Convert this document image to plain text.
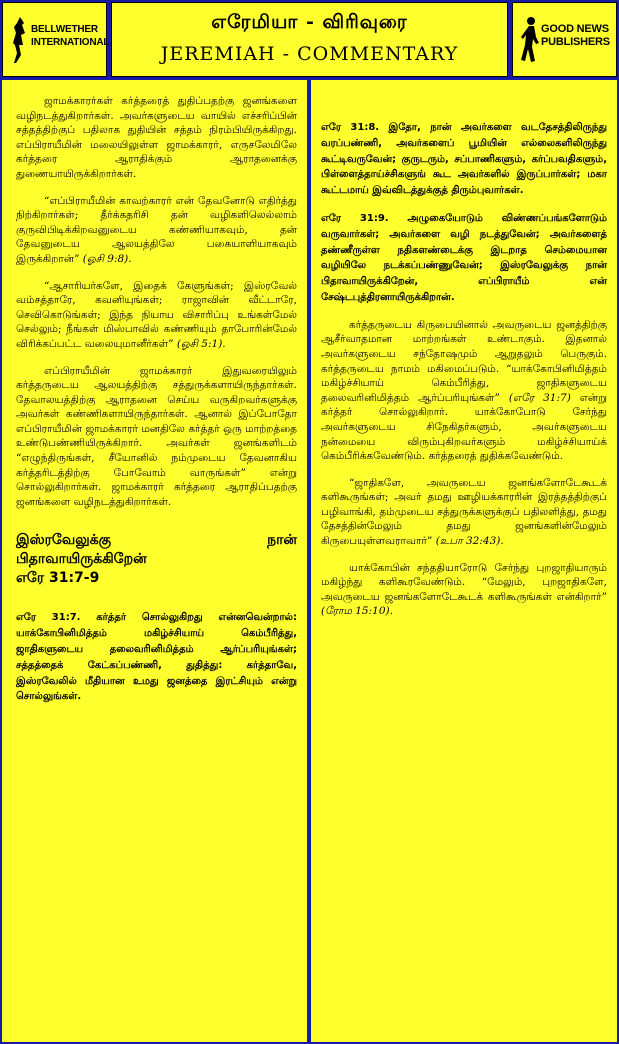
BELLWETHER
INTERNATIONAL
எரேமியா - விரிவுரை
JEREMIAH - COMMENTARY
GOOD NEWS
PUBLISHERS

ஜாமக்காரர்கள் கர்த்தரைத் துதிப்பதற்கு ஜனங்களை வழிநடத்துகிறார்கள். அவர்களுடைய வாயில் எச்சரிப்பின் சத்தத்திற்குப் பதிலாக துதியின் சத்தம் நிரம்பியிருக்கிறது. எப்பிராயீமின் மலையிலுள்ள ஜாமக்காரர், எருசலேமிலே கர்த்தரை ஆராதிக்கும் ஆராதனைக்கு துணையாயிருக்கிறார்கள்.

“எப்பிராயீமின் காவற்காரர் என் தேவனோடு எதிர்த்து நிற்கிறார்கள்; தீர்க்கதரிசி தன் வழிகளிலெல்லாம் குருவிபிடிக்கிறவனுடைய கண்ணியாகவும், தன் தேவனுடைய ஆலயத்திலே பகையாளியாகவும் இருக்கிறான்” (ஓசி 9:8).

“ஆசாரியர்களே, இதைக் கேளுங்கள்; இஸ்ரவேல் வம்சத்தாரே, கவனியுங்கள்; ராஜாவின் வீட்டாரே, செவிகொடுங்கள்; இந்த நியாய விசாரிப்பு உங்கள்மேல் செல்லும்; நீங்கள் மிஸ்பாவில் கண்ணியும் தாபோரின்மேல் விரிக்கப்பட்ட வலையுமானீர்கள்” (ஓசி 5:1).

எப்பிராயீமின் ஜாமக்காரர் இதுவரையிலும் கர்த்தருடைய ஆலயத்திற்கு சத்துருக்களாயிருந்தார்கள். தேவாலயத்திற்கு ஆராதனை செய்ய வருகிறவர்களுக்கு அவர்கள் கண்ணிகளாயிருந்தார்கள். ஆனால் இப்போதோ எப்பிராயீமின் ஜாமக்காரர் மனதிலே கர்த்தர் ஒரு மாற்றத்தை உண்டுபண்ணியிருக்கிறார். அவர்கள் ஜனங்களிடம் “எழுந்திருங்கள், சீயோனில் நம்முடைய தேவனாகிய கர்த்தரிடத்திற்கு போவோம் வாருங்கள்” என்று சொல்லுகிறார்கள். ஜாமக்காரர் கர்த்தரை ஆராதிப்பதற்கு ஜனங்களை வழிநடத்துகிறார்கள்.

இஸ்ரவேலுக்கு	நான்
பிதாவாயிருக்கிறேன்
எரே 31:7-9

எரே 31:7. கர்த்தர் சொல்லுகிறது என்னவென்றால்: யாக்கோபினிமித்தம் மகிழ்ச்சியாய் கெம்பீரித்து, ஜாதிகளுடைய தலைவரினிமித்தம் ஆர்ப்பரியுங்கள்; சத்தத்தைக் கேட்கப்பண்ணி, துதித்து: கர்த்தாவே, இஸ்ரவேலில் மீதியான உமது ஜனத்தை இரட்சியும் என்று சொல்லுங்கள்.

எரே 31:8. இதோ, நான் அவர்களை வடதேசத்திலிருந்து வரப்பண்ணி, அவர்களைப் பூமியின் எல்லைகளிலிருந்து கூட்டிவருவேன்; குருடரும், சப்பாணிகளும், கர்ப்பவதிகளும், பிள்ளைத்தாய்ச்சிகளுங் கூட அவர்களில் இருப்பார்கள்; மகா கூட்டமாய் இவ்விடத்துக்குத் திரும்புவார்கள்.

எரே 31:9. அழுகையோடும் விண்ணப்பங்களோடும் வருவார்கள்; அவர்களை வழி நடத்துவேன்; அவர்களைத் தண்ணீருள்ள நதிகளண்டைக்கு இடறாத செம்மையான வழியிலே நடக்கப்பண்ணுவேன்; இஸ்ரவேலுக்கு நான் பிதாவாயிருக்கிறேன், எப்பிராயீம் என் சேஷ்டபுத்திரனாயிருக்கிறான்.

கர்த்தருடைய கிருபையினால் அவருடைய ஜனத்திற்கு ஆசீர்வாதமான மாற்றங்கள் உண்டாகும். இதனால் அவர்களுடைய சந்தோஷமும் ஆறுதலும் பெருகும். கர்த்தருடைய நாமம் மகிமைப்படும். “யாக்கோபினிமித்தம் மகிழ்ச்சியாய் கெம்பீரித்து, ஜாதிகளுடைய தலைவரினிமித்தம் ஆர்ப்பரியுங்கள்” (எரே 31:7) என்று கர்த்தர் சொல்லுகிறார். யாக்கோபோடு சேர்ந்து அவர்களுடைய சிநேகிதர்களும், அவர்களுடைய நன்மையை விரும்புகிறவர்களும் மகிழ்ச்சியாய்க் கெம்பீரிக்கவேண்டும். கர்த்தரைத் துதிக்கவேண்டும்.

“ஜாதிகளே, அவருடைய ஜனங்களோடேகூடக் களிகூருங்கள்; அவர் தமது ஊழியக்காரரின் இரத்தத்திற்குப் பழிவாங்கி, தம்முடைய சத்துருக்களுக்குப் பதிலளித்து, தமது தேசத்தின்மேலும் தமது ஜனங்களின்மேலும் கிருபையுள்ளவராவார்” (உபா 32:43).

யாக்கோபின் சந்ததியாரோடு சேர்ந்து புறஜாதியாரும் மகிழ்ந்து களிகூரவேண்டும். “மேலும், புறஜாதிகளே, அவருடைய ஜனங்களோடேகூடக் களிகூருங்கள் என்கிறார்” (ரோம 15:10).
